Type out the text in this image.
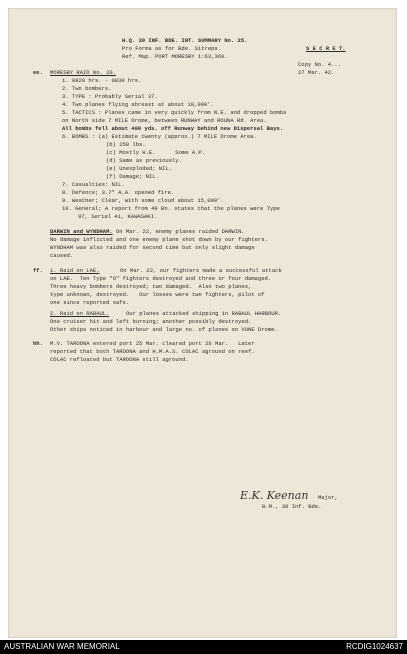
H.Q. 30 INF. BDE. INT. SUMMARY No. 25.
Pro Forma as for Bde. Sitreps.	S E C R E T.
Ref. Map. PORT MORESBY 1:63,360.
Copy No. 4...
27 Mar. 42.
ee. MORESBY RAID No. 20.
1. 0820 hrs. - 0830 hrs.
2. Two bombers.
3. TYPE : Probably Serial 37.
4. Two planes flying abreast at about 18,000'.
5. TACTICS : Planes came in very quickly from N.E. and dropped bombs
on North side 7 MILE Drome, between RUNWAY and ROUNA Rd. Area.
All bombs fell about 400 yds. off Runway behind new Dispersal Bays.
6. BOMBS : (a) Estimate twenty (approx.) 7 MILE Drome Area.
(b) 250 lbs.
(c) Mostly H.E.      Some A.P.
(d) Same as previously.
(e) Unexploded; NIL.
(f) Damage; NIL.
7. Casualties: NIL.
8. Defence; 3.7" A.A. opened fire.
9. Weather; Clear, with some cloud about 15,000'.
10. General; A report from 49 Bn. states that the planes were Type
97, Serial 41, KAWASAKI.
DARWIN and WYNDHAM. On Mar. 22, enemy planes raided DARWIN.
No damage inflicted and one enemy plane shot down by our fighters.
WYNDHAM was also raided for second time but only slight damage
caused.
ff. 1. Raid on LAE.	On Mar. 22, our fighters made a successful attack
on LAE.  Ten Type "O" fighters destroyed and three or four damaged.
Three heavy bombers destroyed; two damaged.  Also two planes,
type unknown, destroyed.   Our losses were two fighters, pilot of
one since reported safe.
2. Raid on RABAUL.	Our planes attacked shipping in RABAUL HARBOUR.
One cruiser hit and left burning; another possibly destroyed.
Other ships noticed in harbour and large no. of planes on VUNE Drome.
hh. M.V. TAROONA entered port 25 Mar. cleared port 26 Mar.   Later
reported that both TAROONA and H.M.A.S. COLAC aground on reef.
COLAC refloated but TAROONA still aground.
E.K. Keenan Major,
B.M., 30 Inf. Bde.
AUSTRALIAN WAR MEMORIAL	RCDIG1024637
